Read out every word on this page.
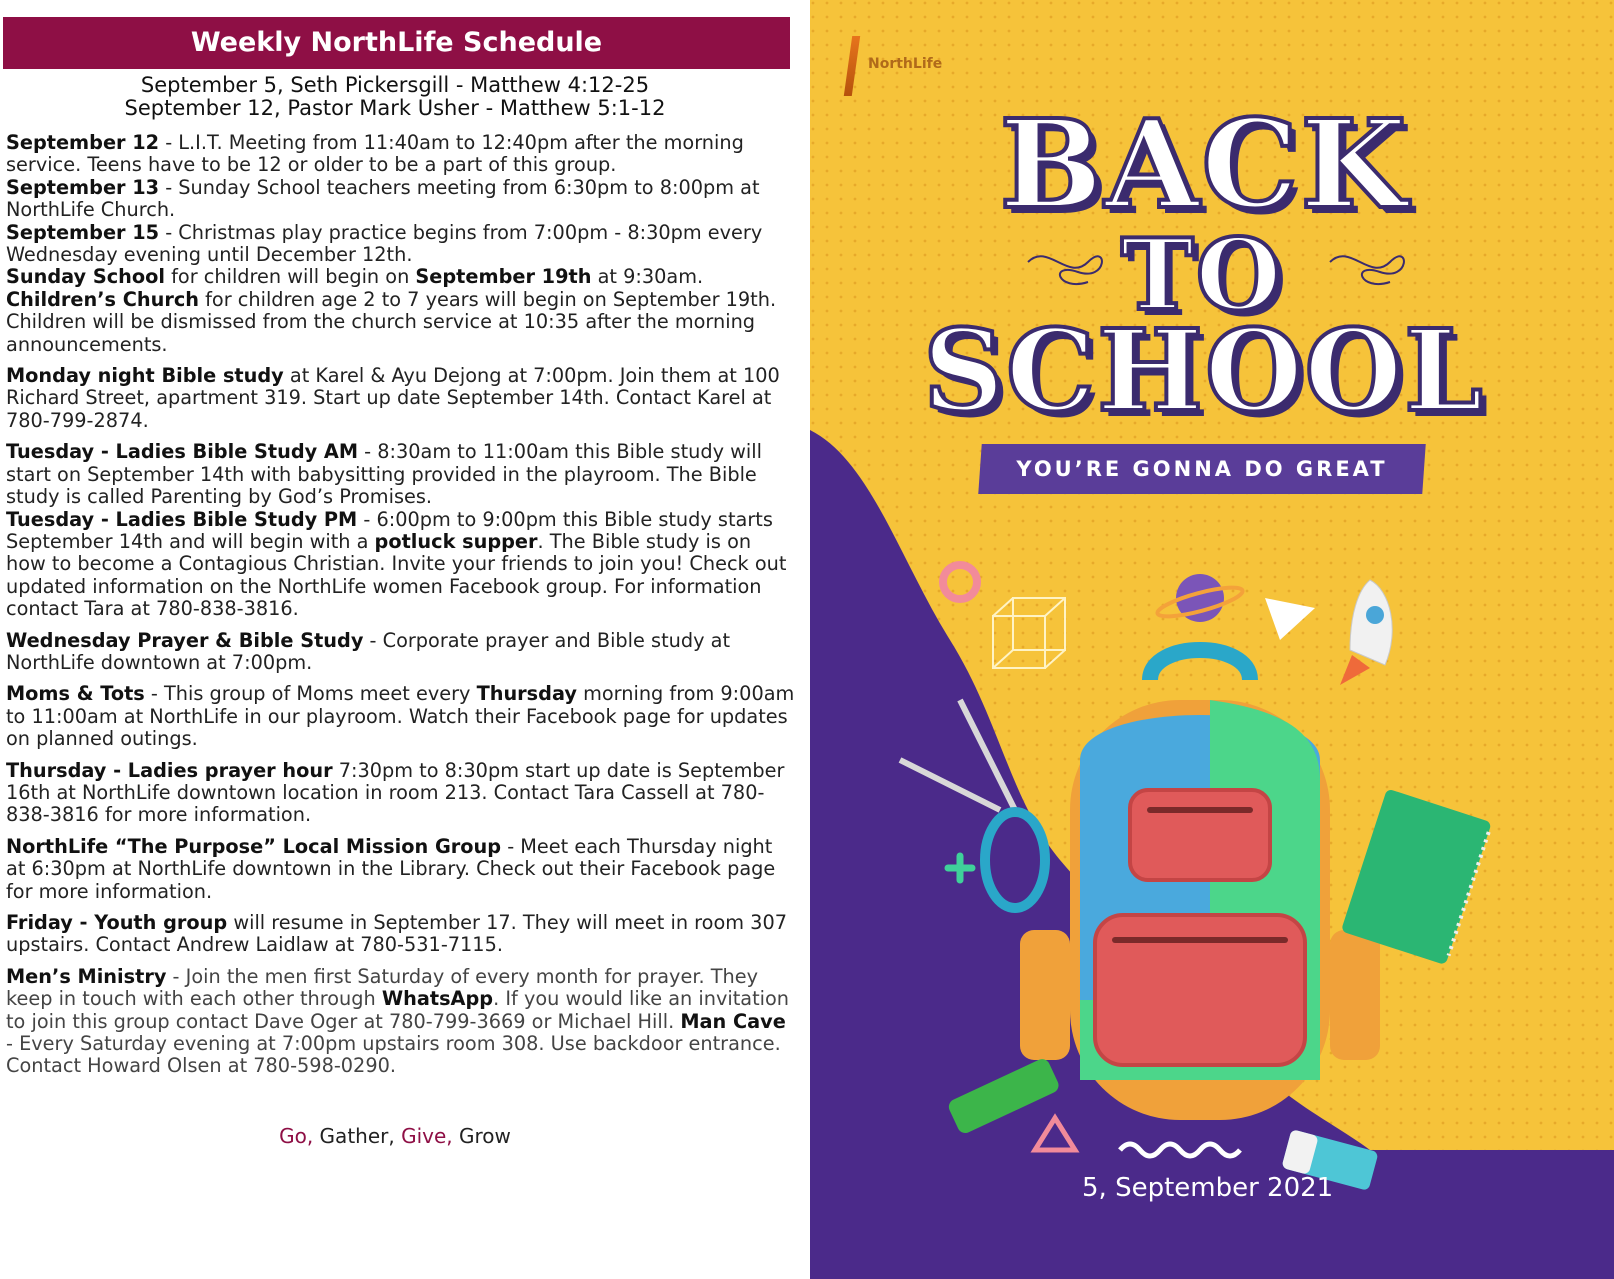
Weekly NorthLife Schedule
September 5, Seth Pickersgill - Matthew 4:12-25
September 12, Pastor Mark Usher - Matthew 5:1-12

September 12 - L.I.T. Meeting from 11:40am to 12:40pm after the morning service. Teens have to be 12 or older to be a part of this group.

September 13 - Sunday School teachers meeting from 6:30pm to 8:00pm at NorthLife Church.

September 15 - Christmas play practice begins from 7:00pm - 8:30pm every Wednesday evening until December 12th.

Sunday School for children will begin on September 19th at 9:30am.

Children’s Church for children age 2 to 7 years will begin on September 19th. Children will be dismissed from the church service at 10:35 after the morning announcements.

Monday night Bible study at Karel & Ayu Dejong at 7:00pm. Join them at 100 Richard Street, apartment 319. Start up date September 14th. Contact Karel at 780-799-2874.

Tuesday - Ladies Bible Study AM - 8:30am to 11:00am this Bible study will start on September 14th with babysitting provided in the playroom. The Bible study is called Parenting by God’s Promises.

Tuesday - Ladies Bible Study PM - 6:00pm to 9:00pm this Bible study starts September 14th and will begin with a potluck supper. The Bible study is on how to become a Contagious Christian. Invite your friends to join you! Check out updated information on the NorthLife women Facebook group. For information contact Tara at 780-838-3816.

Wednesday Prayer & Bible Study - Corporate prayer and Bible study at NorthLife downtown at 7:00pm.

Moms & Tots - This group of Moms meet every Thursday morning from 9:00am to 11:00am at NorthLife in our playroom. Watch their Facebook page for updates on planned outings.

Thursday - Ladies prayer hour 7:30pm to 8:30pm start up date is September 16th at NorthLife downtown location in room 213. Contact Tara Cassell at 780-838-3816 for more information.

NorthLife “The Purpose” Local Mission Group - Meet each Thursday night at 6:30pm at NorthLife downtown in the Library. Check out their Facebook page for more information.

Friday - Youth group will resume in September 17. They will meet in room 307 upstairs. Contact Andrew Laidlaw at 780-531-7115.

Men’s Ministry - Join the men first Saturday of every month for prayer. They keep in touch with each other through WhatsApp. If you would like an invitation to join this group contact Dave Oger at 780-799-3669 or Michael Hill. Man Cave - Every Saturday evening at 7:00pm upstairs room 308. Use backdoor entrance. Contact Howard Olsen at 780-598-0290.

Go, Gather, Give, Grow
NorthLife
BACK
TO
SCHOOL
YOU’RE GONNA DO GREAT
5, September 2021
